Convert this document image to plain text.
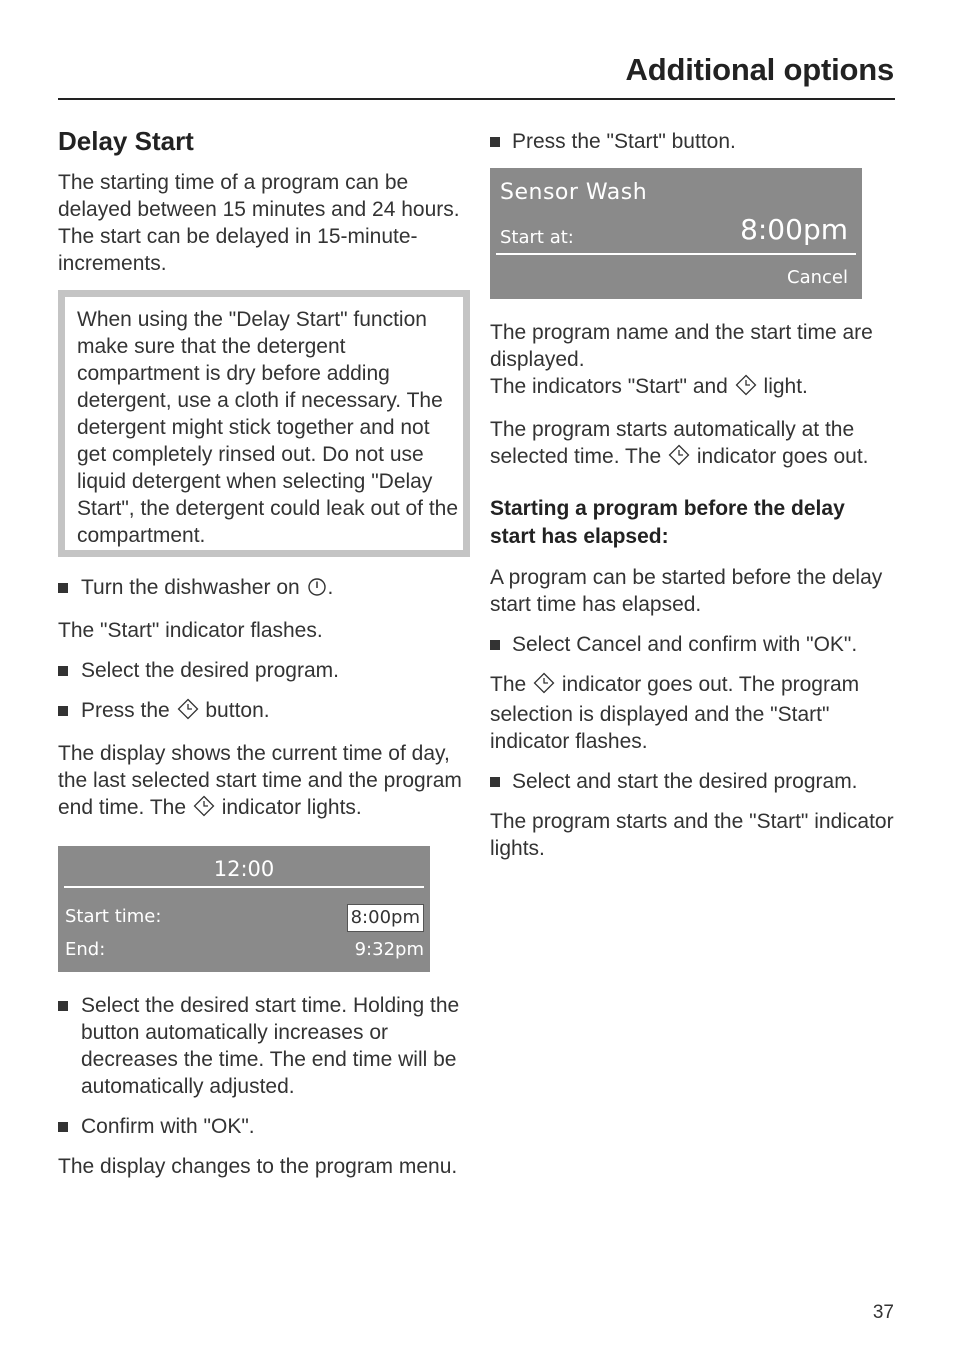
Additional options
Delay Start

The starting time of a program can be delayed between 15 minutes and 24 hours. The start can be delayed in 15-minute-increments.

When using the "Delay Start" function make sure that the detergent compartment is dry before adding detergent, use a cloth if necessary. The detergent might stick together and not get completely rinsed out. Do not use liquid detergent when selecting "Delay Start", the detergent could leak out of the compartment.

Turn the dishwasher on .

The "Start" indicator flashes.

Select the desired program.
Press the  button.

The display shows the current time of day, the last selected start time and the program end time. The  indicator lights.

12:00
Start time:	8:00pm
End:	9:32pm
Select the desired start time. Holding the button automatically increases or decreases the time. The end time will be automatically adjusted.
Confirm with "OK".

The display changes to the program menu.

Press the "Start" button.
Sensor Wash
Start at:	8:00pm
Cancel

The program name and the start time are displayed.

The indicators "Start" and  light.

The program starts automatically at the selected time. The  indicator goes out.

Starting a program before the delay start has elapsed:

A program can be started before the delay start time has elapsed.

Select Cancel and confirm with "OK".

The  indicator goes out. The program selection is displayed and the "Start" indicator flashes.

Select and start the desired program.

The program starts and the "Start" indicator lights.

37
